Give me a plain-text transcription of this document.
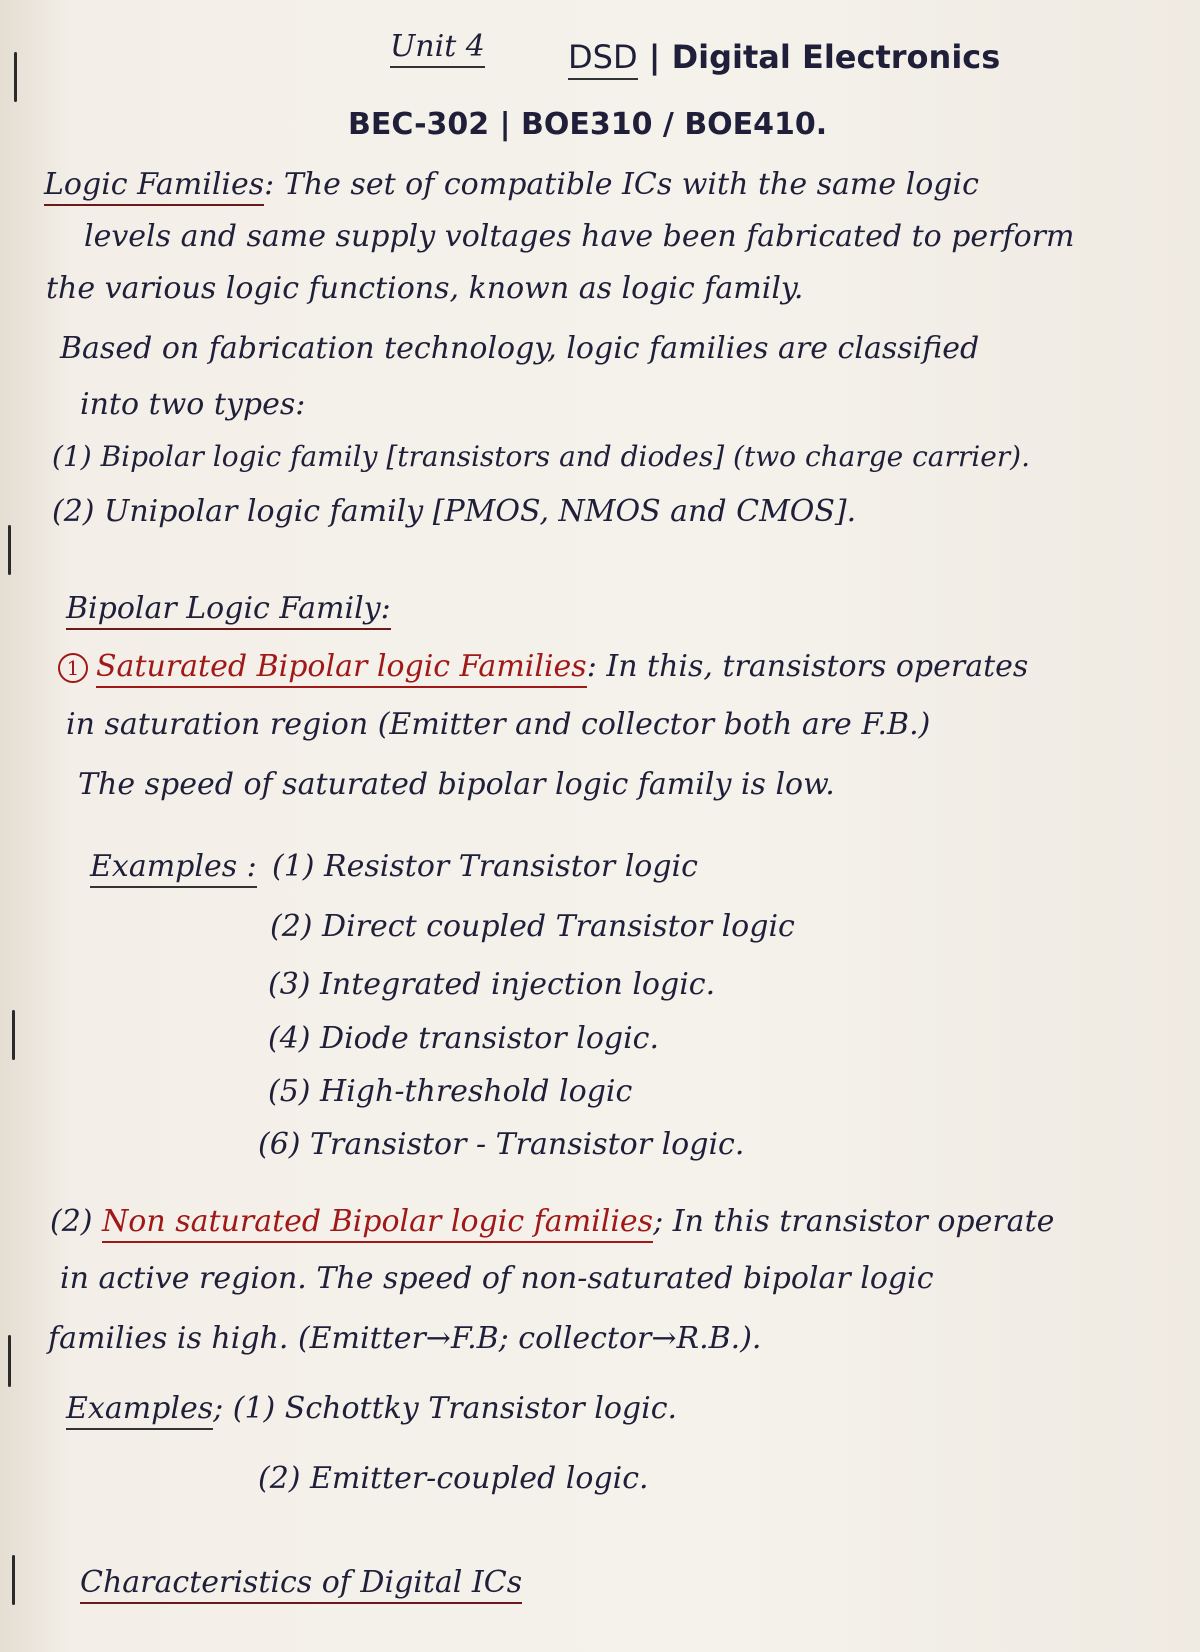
Unit 4	DSD | Digital Electronics
BEC-302 | BOE310 / BOE410.
Logic Families: The set of compatible ICs with the same logic
levels and same supply voltages have been fabricated to perform
the various logic functions, known as logic family.
Based on fabrication technology, logic families are classified
into two types:
(1) Bipolar logic family [transistors and diodes] (two charge carrier).
(2) Unipolar logic family [PMOS, NMOS and CMOS].
Bipolar Logic Family:
1 Saturated Bipolar logic Families: In this, transistors operates
in saturation region (Emitter and collector both are F.B.)
The speed of saturated bipolar logic family is low.
Examples : (1) Resistor Transistor logic
(2) Direct coupled Transistor logic
(3) Integrated injection logic.
(4) Diode transistor logic.
(5) High-threshold logic
(6) Transistor - Transistor logic.
(2) Non saturated Bipolar logic families; In this transistor operate
in active region. The speed of non-saturated bipolar logic
families is high. (Emitter→F.B; collector→R.B.).
Examples; (1) Schottky Transistor logic.
(2) Emitter-coupled logic.
Characteristics of Digital ICs
